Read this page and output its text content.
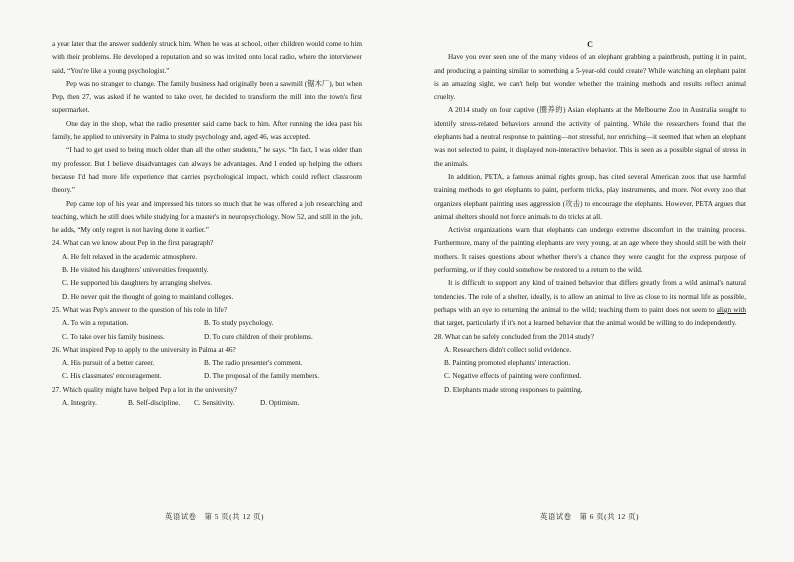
a year later that the answer suddenly struck him. When he was at school, other children would come to him with their problems. He developed a reputation and so was invited onto local radio, where the interviewer said, “You're like a young psychologist.”

Pep was no stranger to change. The family business had originally been a sawmill (锯木厂), but when Pep, then 27, was asked if he wanted to take over, he decided to transform the mill into the town's first supermarket.

One day in the shop, what the radio presenter said came back to him. After running the idea past his family, he applied to university in Palma to study psychology and, aged 46, was accepted.

“I had to get used to being much older than all the other students,” he says. “In fact, I was older than my professor. But I believe disadvantages can always be advantages. And I ended up helping the others because I'd had more life experience that carries psychological impact, which could reflect classroom theory.”

Pep came top of his year and impressed his tutors so much that he was offered a job researching and teaching, which he still does while studying for a master's in neuropsychology. Now 52, and still in the job, he adds, “My only regret is not having done it earlier.”

24. What can we know about Pep in the first paragraph?

A. He felt relaxed in the academic atmosphere.

B. He visited his daughters' universities frequently.

C. He supported his daughters by arranging shelves.

D. He never quit the thought of going to mainland colleges.

25. What was Pep's answer to the question of his role in life?

A. To win a reputation.	B. To study psychology.
C. To take over his family business.	D. To cure children of their problems.

26. What inspired Pep to apply to the university in Palma at 46?

A. His pursuit of a better career.	B. The radio presenter's comment.
C. His classmates' encouragement.	D. The proposal of the family members.

27. Which quality might have helped Pep a lot in the university?

A. Integrity.	B. Self-discipline.	C. Sensitivity.	D. Optimism.
英语试卷　第 5 页(共 12 页)

C

Have you ever seen one of the many videos of an elephant grabbing a paintbrush, putting it in paint, and producing a painting similar to something a 5-year-old could create? While watching an elephant paint is an amazing sight, we can't help but wonder whether the training methods and results reflect animal cruelty.

A 2014 study on four captive (圈养的) Asian elephants at the Melbourne Zoo in Australia sought to identify stress-related behaviors around the activity of painting. While the researchers found that the elephants had a neutral response to painting—not stressful, nor enriching—it seemed that when an elephant was not selected to paint, it displayed non-interactive behavior. This is seen as a possible signal of stress in the animals.

In addition, PETA, a famous animal rights group, has cited several American zoos that use harmful training methods to get elephants to paint, perform tricks, play instruments, and more. Not every zoo that organizes elephant painting uses aggression (攻击) to encourage the elephants. However, PETA argues that animal shelters should not force animals to do tricks at all.

Activist organizations warn that elephants can undergo extreme discomfort in the training process. Furthermore, many of the painting elephants are very young, at an age where they should still be with their mothers. It raises questions about whether there's a chance they were caught for the express purpose of performing, or if they could somehow be restored to a return to the wild.

It is difficult to support any kind of trained behavior that differs greatly from a wild animal's natural tendencies. The role of a shelter, ideally, is to allow an animal to live as close to its normal life as possible, perhaps with an eye to returning the animal to the wild; teaching them to paint does not seem to align with that target, particularly if it's not a learned behavior that the animal would be willing to do independently.

28. What can be safely concluded from the 2014 study?

A. Researchers didn't collect solid evidence.

B. Painting promoted elephants' interaction.

C. Negative effects of painting were confirmed.

D. Elephants made strong responses to painting.

英语试卷　第 6 页(共 12 页)
